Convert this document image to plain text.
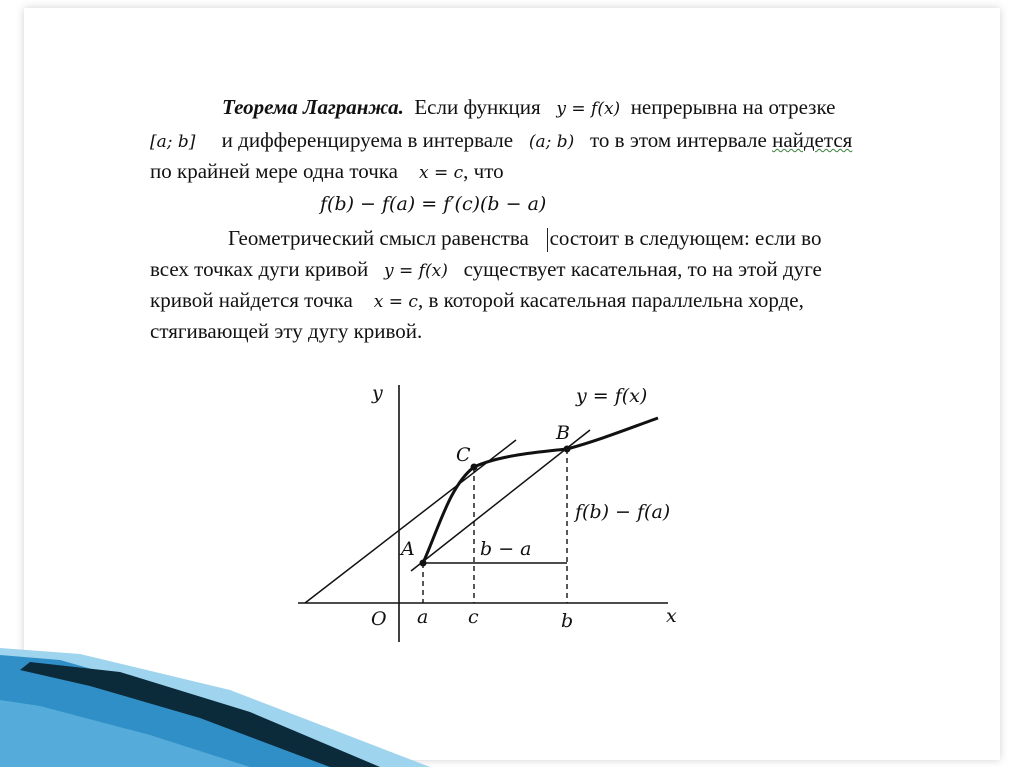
Теорема Лагранжа. Если функция y = f(x) непрерывна на отрезке
[a; b] и дифференцируема в интервале (a; b) то в этом интервале найдется
по крайней мере одна точка x = c, что
f(b) − f(a) = f′(c)(b − a)
Геометрический смысл равенства состоит в следующем: если во
всех точках дуги кривой y = f(x) существует касательная, то на этой дуге
кривой найдется точка x = c, в которой касательная параллельна хорде,
стягивающей эту дугу кривой.
y
x
O
y = f(x)
A
B
C
a c	b
b − a
f(b) − f(a)
